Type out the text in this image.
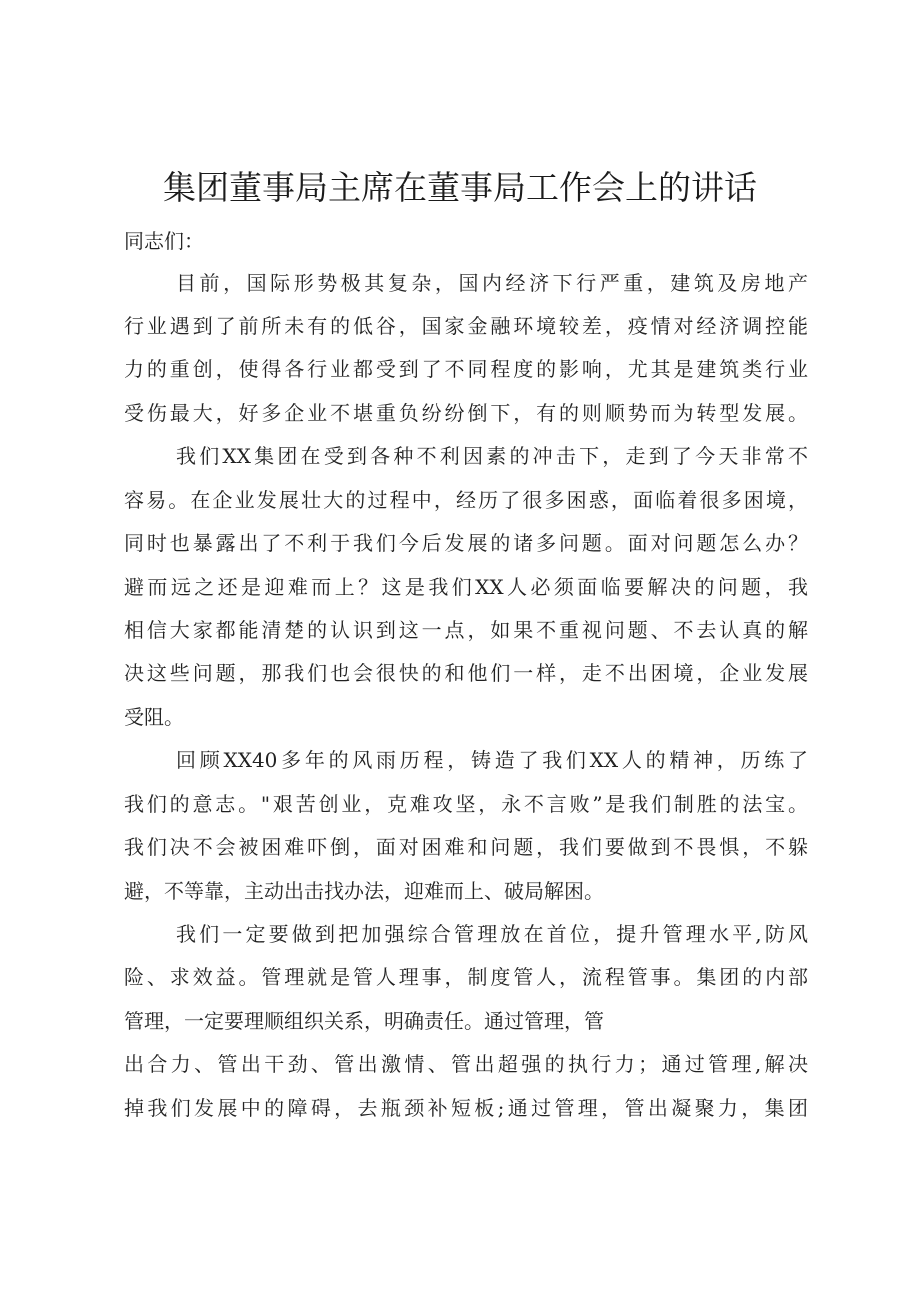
集团董事局主席在董事局工作会上的讲话

同志们：

目前，国际形势极其复杂，国内经济下行严重，建筑及房地产

行业遇到了前所未有的低谷，国家金融环境较差，疫情对经济调控能

力的重创，使得各行业都受到了不同程度的影响，尤其是建筑类行业

受伤最大，好多企业不堪重负纷纷倒下，有的则顺势而为转型发展。

我们XX集团在受到各种不利因素的冲击下，走到了今天非常不

容易。在企业发展壮大的过程中，经历了很多困惑，面临着很多困境，

同时也暴露出了不利于我们今后发展的诸多问题。面对问题怎么办？

避而远之还是迎难而上？这是我们XX人必须面临要解决的问题，我

相信大家都能清楚的认识到这一点，如果不重视问题、不去认真的解

决这些问题，那我们也会很快的和他们一样，走不出困境，企业发展

受阻。

回顾XX40多年的风雨历程，铸造了我们XX人的精神，历练了

我们的意志。"艰苦创业，克难攻坚，永不言败”是我们制胜的法宝。

我们决不会被困难吓倒，面对困难和问题，我们要做到不畏惧，不躲

避，不等靠，主动出击找办法，迎难而上、破局解困。

我们一定要做到把加强综合管理放在首位，提升管理水平,防风

险、求效益。管理就是管人理事，制度管人，流程管事。集团的内部

管理，一定要理顺组织关系，明确责任。通过管理，管

出合力、管出干劲、管出激情、管出超强的执行力；通过管理,解决

掉我们发展中的障碍，去瓶颈补短板;通过管理，管出凝聚力，集团
